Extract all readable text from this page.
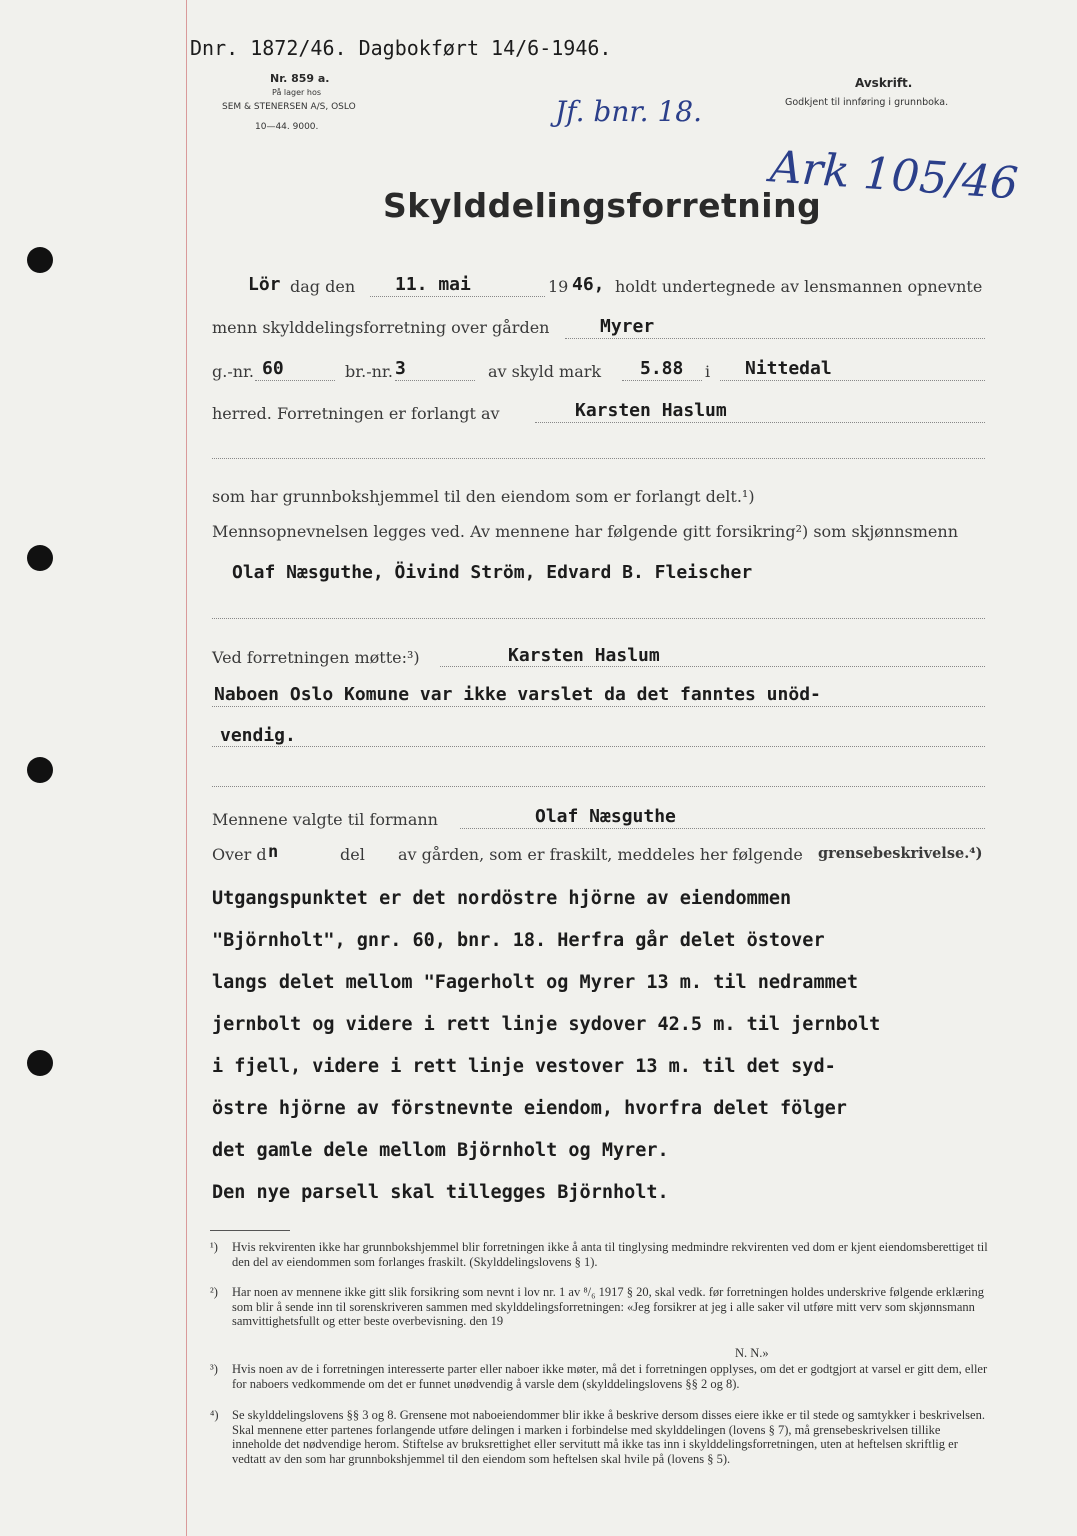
Dnr. 1872/46. Dagbokført 14/6-1946.
Nr. 859 a.
På lager hos
SEM & STENERSEN A/S, OSLO
10—44. 9000.	Jf. bnr. 18.
Avskrift.
Godkjent til innføring i grunnboka.
Ark 105/46
Skylddelingsforretning
Lör dag den 11. mai	19 46, holdt undertegnede av lensmannen opnevnte
menn skylddelingsforretning over gården	Myrer
g.-nr. 60	br.-nr. 3	av skyld mark 5.88 i Nittedal
herred. Forretningen er forlangt av	Karsten Haslum
som har grunnbokshjemmel til den eiendom som er forlangt delt.¹)
Mennsopnevnelsen legges ved. Av mennene har følgende gitt forsikring²) som skjønnsmenn
Olaf Næsguthe, Öivind Ström, Edvard B. Fleischer
Ved forretningen møtte:³)	Karsten Haslum
Naboen Oslo Komune var ikke varslet da det fanntes unöd-
vendig.
Mennene valgte til formann	Olaf Næsguthe
Over d n	del av gården, som er fraskilt, meddeles her følgende grensebeskrivelse.⁴)
Utgangspunktet er det nordöstre hjörne av eiendommen
"Björnholt", gnr. 60, bnr. 18. Herfra går delet östover
langs delet mellom "Fagerholt og Myrer 13 m. til nedrammet
jernbolt og videre i rett linje sydover 42.5 m. til jernbolt
i fjell, videre i rett linje vestover 13 m. til det syd-
östre hjörne av förstnevnte eiendom, hvorfra delet fölger
det gamle dele mellom Björnholt og Myrer.
Den nye parsell skal tillegges Björnholt.
¹) Hvis rekvirenten ikke har grunnbokshjemmel blir forretningen ikke å anta til tinglysing medmindre rekvirenten ved dom er kjent eiendomsberettiget til den del av eiendommen som forlanges fraskilt. (Skylddelingslovens § 1).
²) Har noen av mennene ikke gitt slik forsikring som nevnt i lov nr. 1 av ⁸/₆ 1917 § 20, skal vedk. før forretningen holdes underskrive følgende erklæring som blir å sende inn til sorenskriveren sammen med skylddelingsforretningen: «Jeg forsikrer at jeg i alle saker vil utføre mitt verv som skjønnsmann samvittighetsfullt og etter beste overbevisning. den 19
N. N.»
³) Hvis noen av de i forretningen interesserte parter eller naboer ikke møter, må det i forretningen opplyses, om det er godtgjort at varsel er gitt dem, eller for naboers vedkommende om det er funnet unødvendig å varsle dem (skylddelingslovens §§ 2 og 8).
⁴) Se skylddelingslovens §§ 3 og 8. Grensene mot naboeiendommer blir ikke å beskrive dersom disses eiere ikke er til stede og samtykker i beskrivelsen. Skal mennene etter partenes forlangende utføre delingen i marken i forbindelse med skylddelingen (lovens § 7), må grensebeskrivelsen tillike inneholde det nødvendige herom. Stiftelse av bruksrettighet eller servitutt må ikke tas inn i skylddelingsforretningen, uten at heftelsen skriftlig er vedtatt av den som har grunnbokshjemmel til den eiendom som heftelsen skal hvile på (lovens § 5).
